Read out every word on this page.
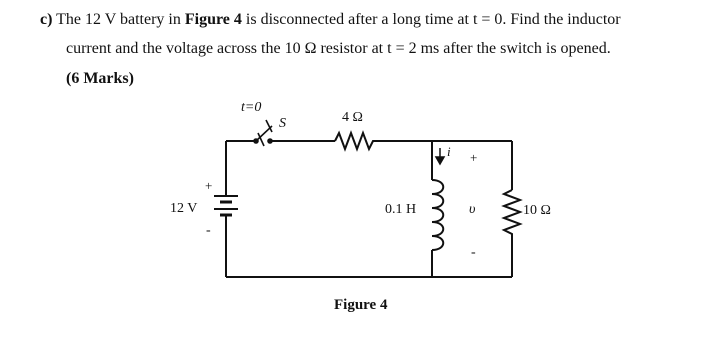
c) The 12 V battery in Figure 4 is disconnected after a long time at t = 0. Find the inductor
current and the voltage across the 10 Ω resistor at t = 2 ms after the switch is opened.
(6 Marks)
t=0
S	4 Ω
+
12 V
-
i
0.1 H
+
υ
-
10 Ω
Figure 4
